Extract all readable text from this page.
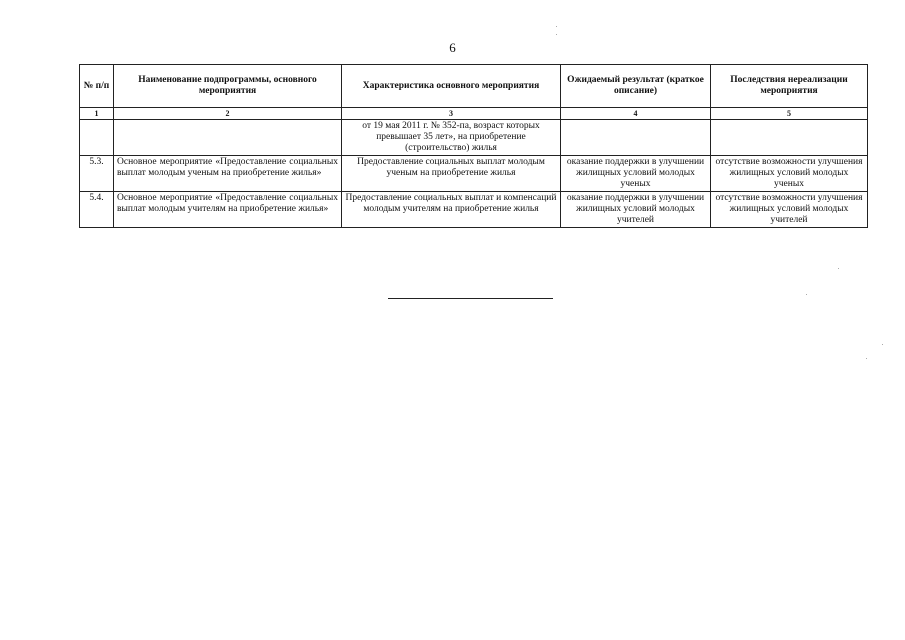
6
№ п/п	Наименование подпрограммы, основного мероприятия	Характеристика основного мероприятия	Ожидаемый результат (краткое описание)	Последствия нереализации мероприятия
1	2	3	4	5
		от 19 мая 2011 г. № 352-па, возраст которых превышает 35 лет», на приобретение (строительство) жилья		
5.3.	Основное мероприятие «Предоставление социальных выплат молодым ученым на приобретение жилья»	Предоставление социальных выплат молодым ученым на приобретение жилья	оказание поддержки в улучшении жилищных условий молодых ученых	отсутствие возможности улучшения жилищных условий молодых ученых
5.4.	Основное мероприятие «Предоставление социальных выплат молодым учителям на приобретение жилья»	Предоставление социальных выплат и компенсаций молодым учителям на приобретение жилья	оказание поддержки в улучшении жилищных условий молодых учителей	отсутствие возможности улучшения жилищных условий молодых учителей
